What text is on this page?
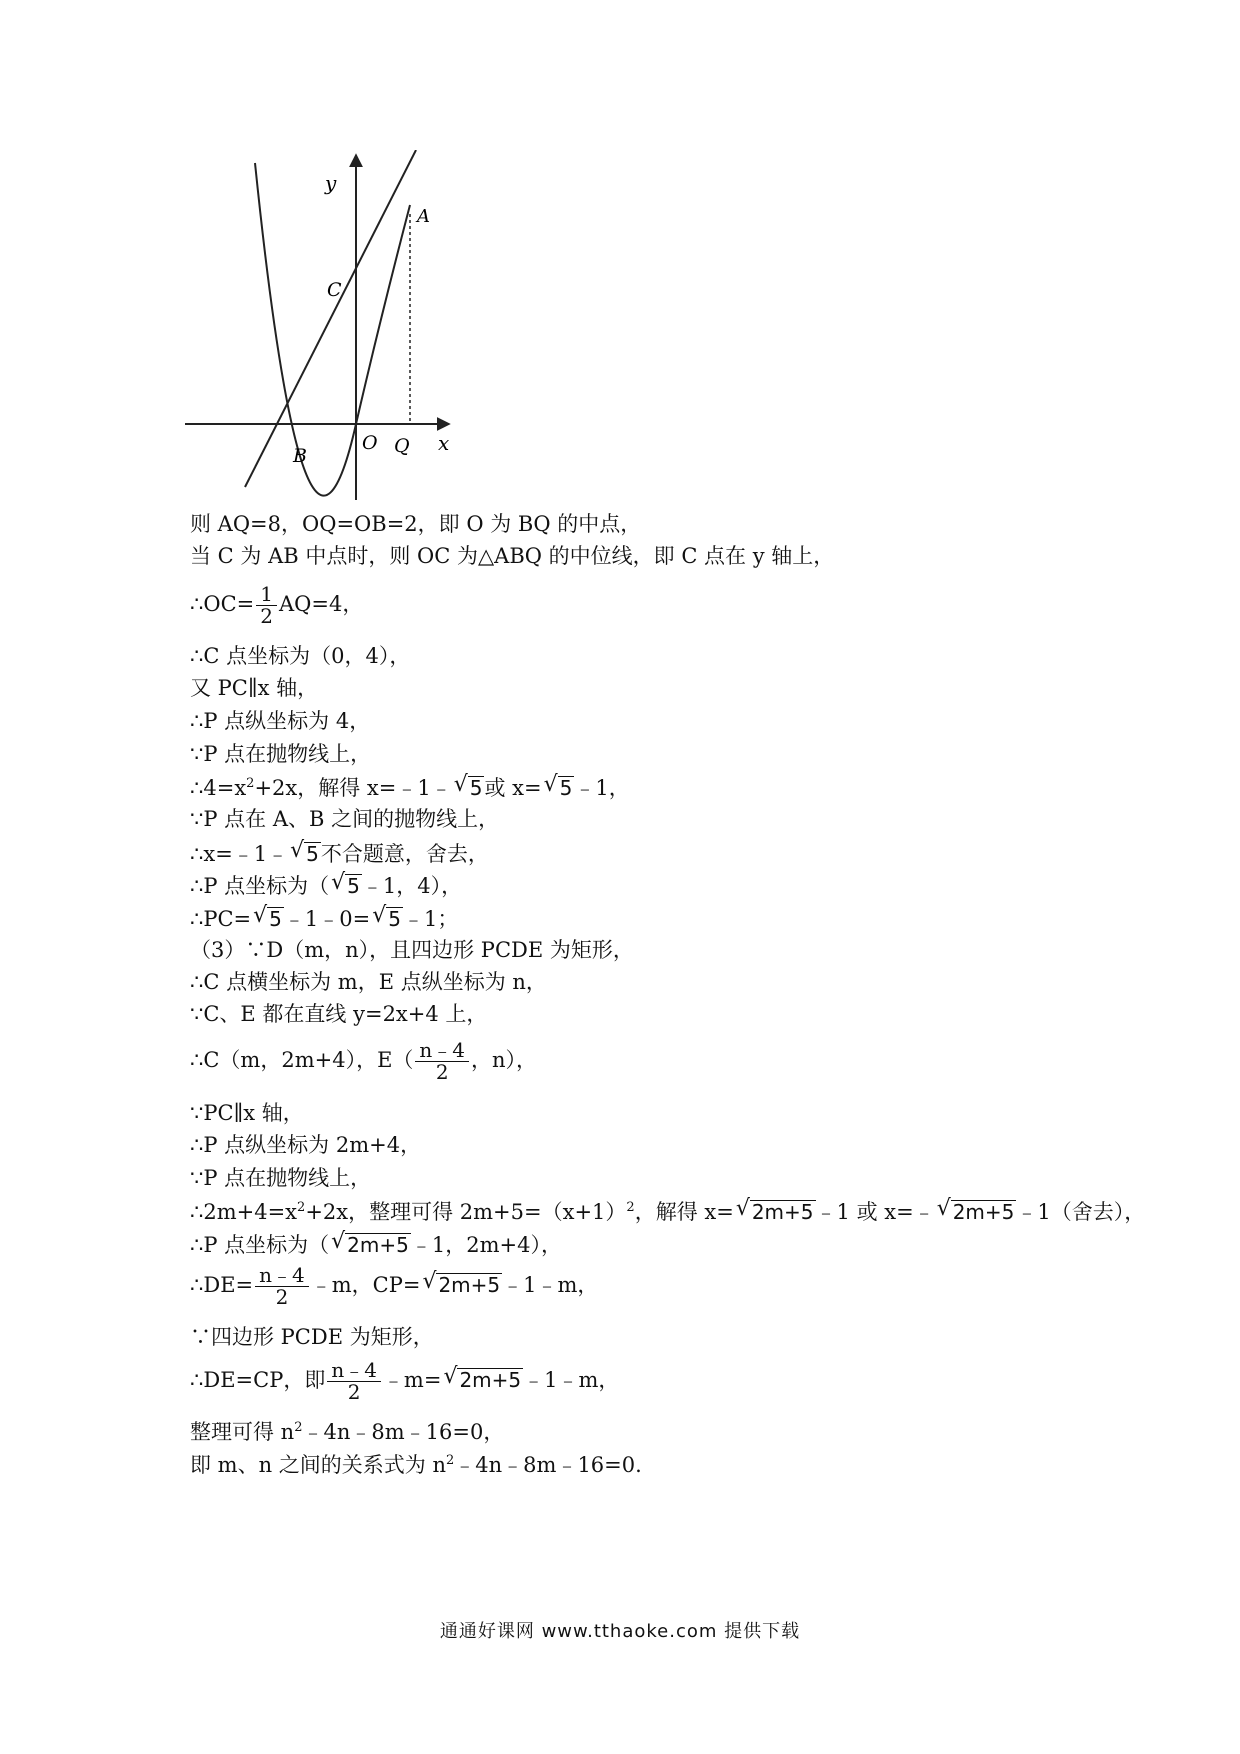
y
x
A
C
B
O Q
则 AQ=8，OQ=OB=2，即 O 为 BQ 的中点，
当 C 为 AB 中点时，则 OC 为△ABQ 的中位线，即 C 点在 y 轴上，
∴OC= $\frac{1}{2} AQ=4$，
∴C 点坐标为（0，4），
又 PC∥x 轴，
∴P 点纵坐标为 4，
∵P 点在抛物线上，
$\therefore 4=x^2+2x$，解得 x=﹣1﹣ √ 5或 x= √ 5﹣1，
∵P 点在 A、B 之间的抛物线上，
∴x=﹣1﹣ √ 5不合题意，舍去，
∴P 点坐标为（ √ 5﹣1，4），
∴PC= √ 5﹣1﹣0= √ 5﹣1；
（3）∵D（m，n），且四边形 PCDE 为矩形，
∴C 点横坐标为 m，E 点纵坐标为 n，
∵C、E 都在直线 y=2x+4 上，
∴C（m，2m+4），$E( \frac{n﹣4}{2}$ ，n），
∵PC∥x 轴，
∴P 点纵坐标为 2m+4，
∵P 点在抛物线上，
$\therefore 2m+4=x^2+2x$，整理可得 $2m+5=(x+1)^2$，解得 x= √ 2m+5﹣1 或 x=﹣ √ 2m+5﹣1（舍去），
∴P 点坐标为（ √ 2m+5﹣1，2m+4），
∴DE= $\frac{n﹣4}{2}$ ﹣m，CP= √ 2m+5﹣1﹣m，
∵四边形 PCDE 为矩形，
∴DE=CP，即 $\frac{n﹣4}{2}$ ﹣m= √ 2m+5﹣1﹣m，
整理可得 $n^2﹣4n﹣8m﹣16=0$，
即 m、n 之间的关系式为 $n^2﹣4n﹣8m﹣16=0$.
通通好课网 www.tthaoke.com 提供下载
